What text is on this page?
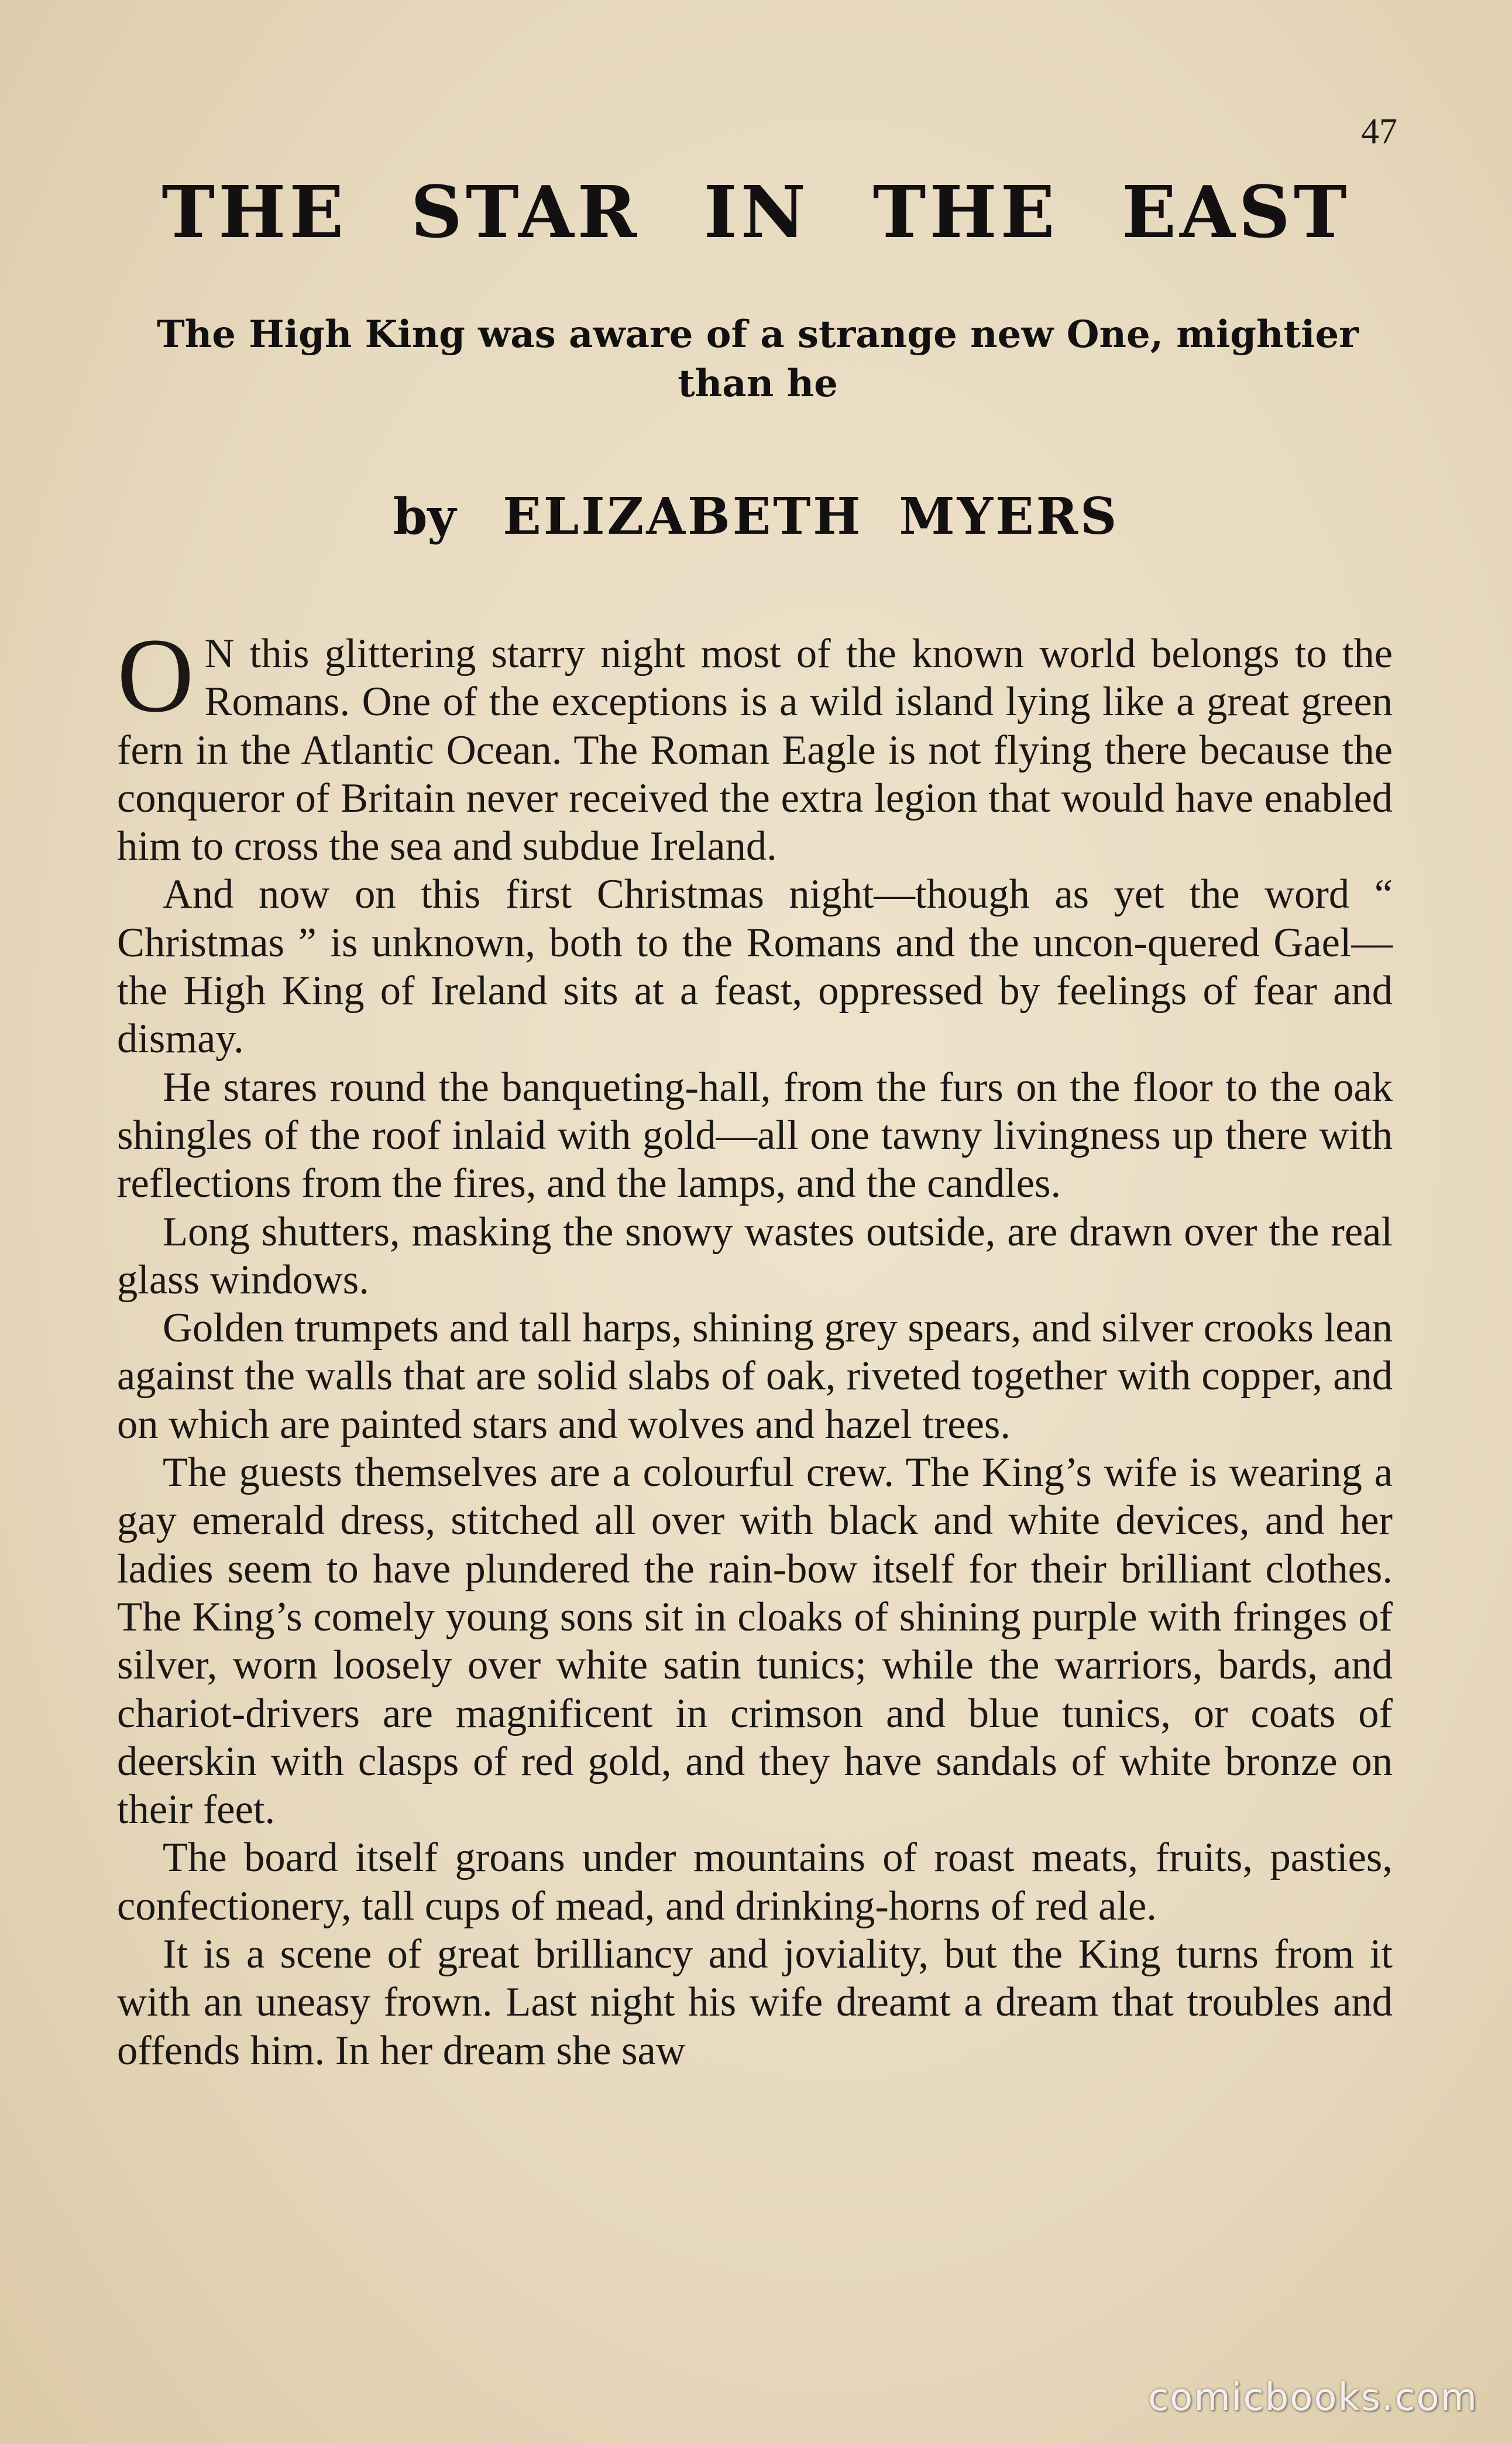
47
THE STAR IN THE EAST
The High King was aware of a strange new One, mightier than he
by ELIZABETH MYERS

O N this glittering starry night most of the known world belongs to the Romans. One of the exceptions is a wild island lying like a great green fern in the Atlantic Ocean. The Roman Eagle is not flying there because the conqueror of Britain never received the extra legion that would have enabled him to cross the sea and subdue Ireland.

And now on this first Christmas night—though as yet the word “ Christmas ” is unknown, both to the Romans and the uncon-quered Gael—the High King of Ireland sits at a feast, oppressed by feelings of fear and dismay.

He stares round the banqueting-hall, from the furs on the floor to the oak shingles of the roof inlaid with gold—all one tawny livingness up there with reflections from the fires, and the lamps, and the candles.

Long shutters, masking the snowy wastes outside, are drawn over the real glass windows.

Golden trumpets and tall harps, shining grey spears, and silver crooks lean against the walls that are solid slabs of oak, riveted together with copper, and on which are painted stars and wolves and hazel trees.

The guests themselves are a colourful crew. The King’s wife is wearing a gay emerald dress, stitched all over with black and white devices, and her ladies seem to have plundered the rain-bow itself for their brilliant clothes. The King’s comely young sons sit in cloaks of shining purple with fringes of silver, worn loosely over white satin tunics; while the warriors, bards, and chariot-drivers are magnificent in crimson and blue tunics, or coats of deerskin with clasps of red gold, and they have sandals of white bronze on their feet.

The board itself groans under mountains of roast meats, fruits, pasties, confectionery, tall cups of mead, and drinking-horns of red ale.

It is a scene of great brilliancy and joviality, but the King turns from it with an uneasy frown. Last night his wife dreamt a dream that troubles and offends him. In her dream she saw

comicbooks.com
